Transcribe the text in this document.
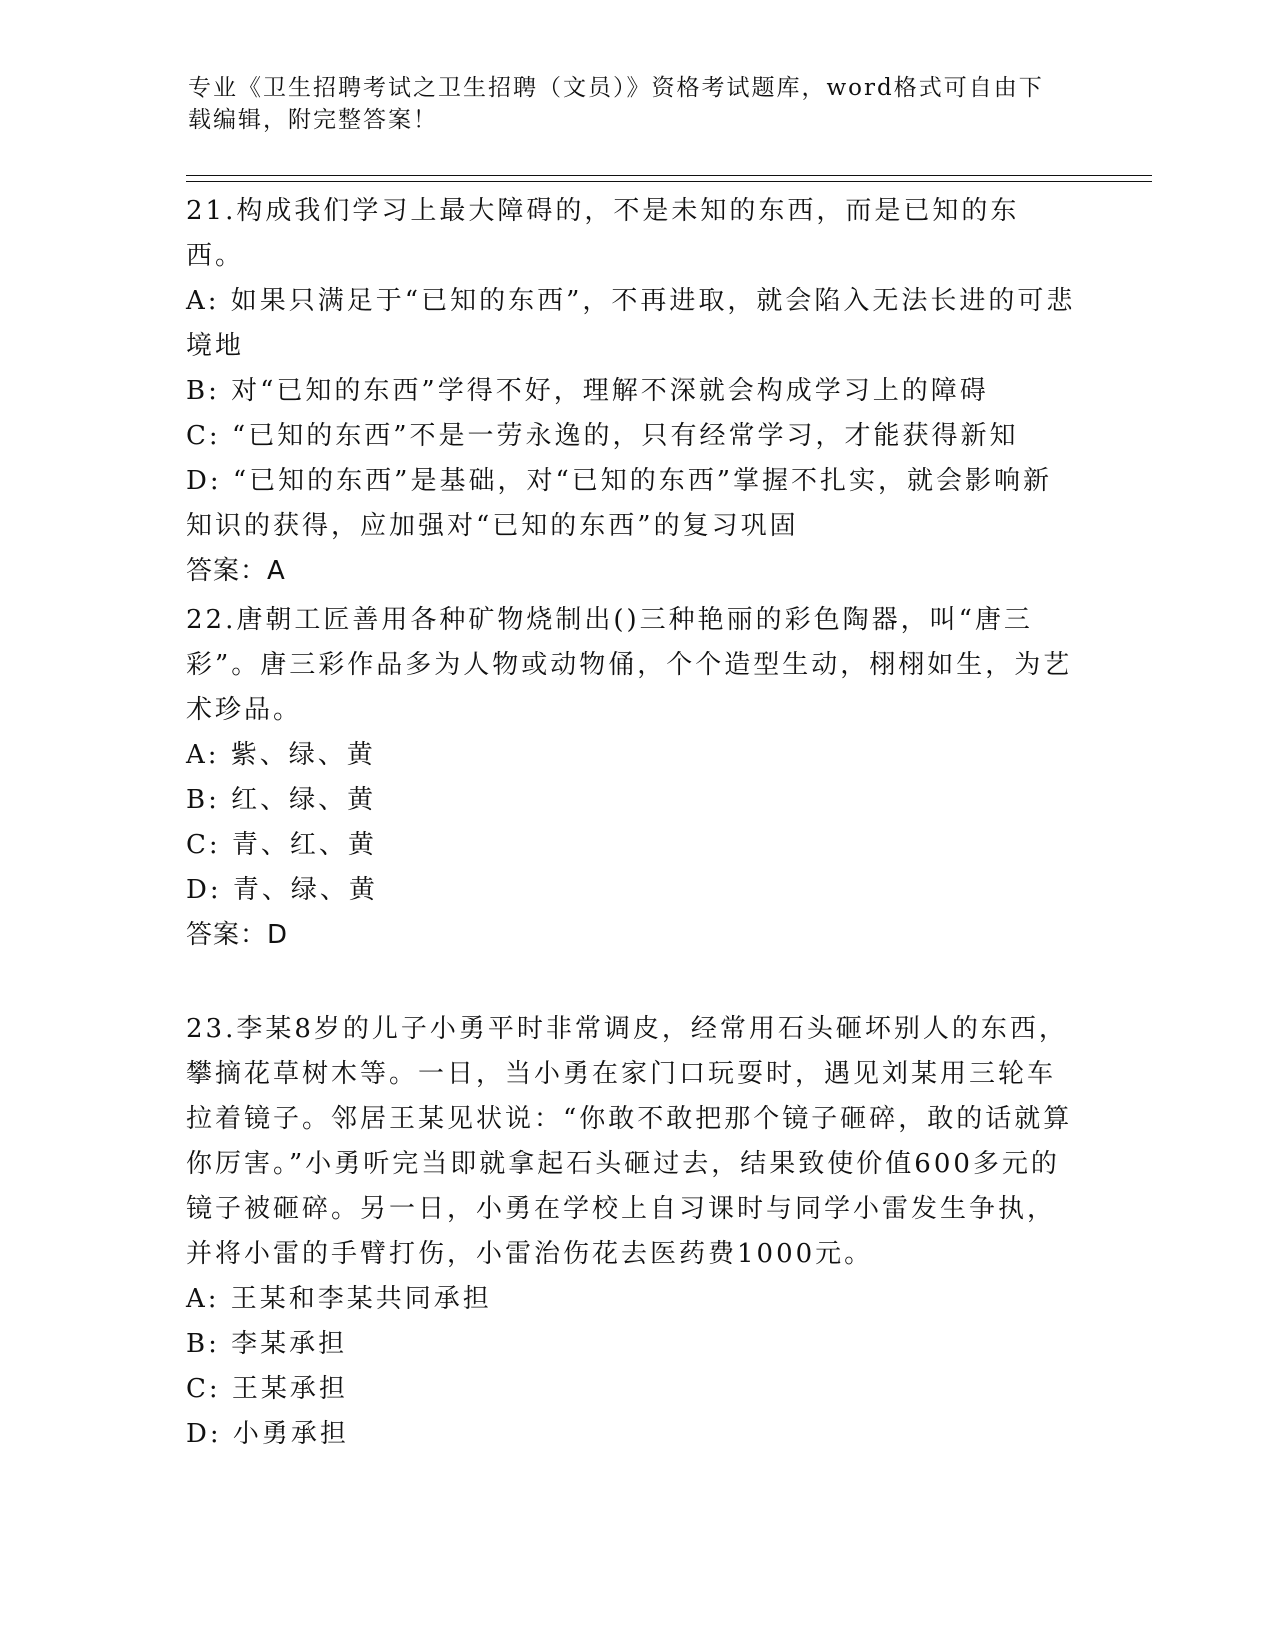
专业《卫生招聘考试之卫生招聘（文员）》资格考试题库，word格式可自由下载编辑，附完整答案！

21.构成我们学习上最大障碍的，不是未知的东西，而是已知的东西。

A: 如果只满足于“已知的东西”，不再进取，就会陷入无法长进的可悲境地

B: 对“已知的东西”学得不好，理解不深就会构成学习上的障碍

C: “已知的东西”不是一劳永逸的，只有经常学习，才能获得新知

D: “已知的东西”是基础，对“已知的东西”掌握不扎实，就会影响新知识的获得，应加强对“已知的东西”的复习巩固

答案：A

22.唐朝工匠善用各种矿物烧制出()三种艳丽的彩色陶器，叫“唐三彩”。唐三彩作品多为人物或动物俑，个个造型生动，栩栩如生，为艺术珍品。

A: 紫、绿、黄

B: 红、绿、黄

C: 青、红、黄

D: 青、绿、黄

答案：D

23.李某8岁的儿子小勇平时非常调皮，经常用石头砸坏别人的东西，攀摘花草树木等。一日，当小勇在家门口玩耍时，遇见刘某用三轮车拉着镜子。邻居王某见状说：“你敢不敢把那个镜子砸碎，敢的话就算你厉害。”小勇听完当即就拿起石头砸过去，结果致使价值600多元的镜子被砸碎。另一日，小勇在学校上自习课时与同学小雷发生争执，并将小雷的手臂打伤，小雷治伤花去医药费1000元。

A: 王某和李某共同承担

B: 李某承担

C: 王某承担

D: 小勇承担
